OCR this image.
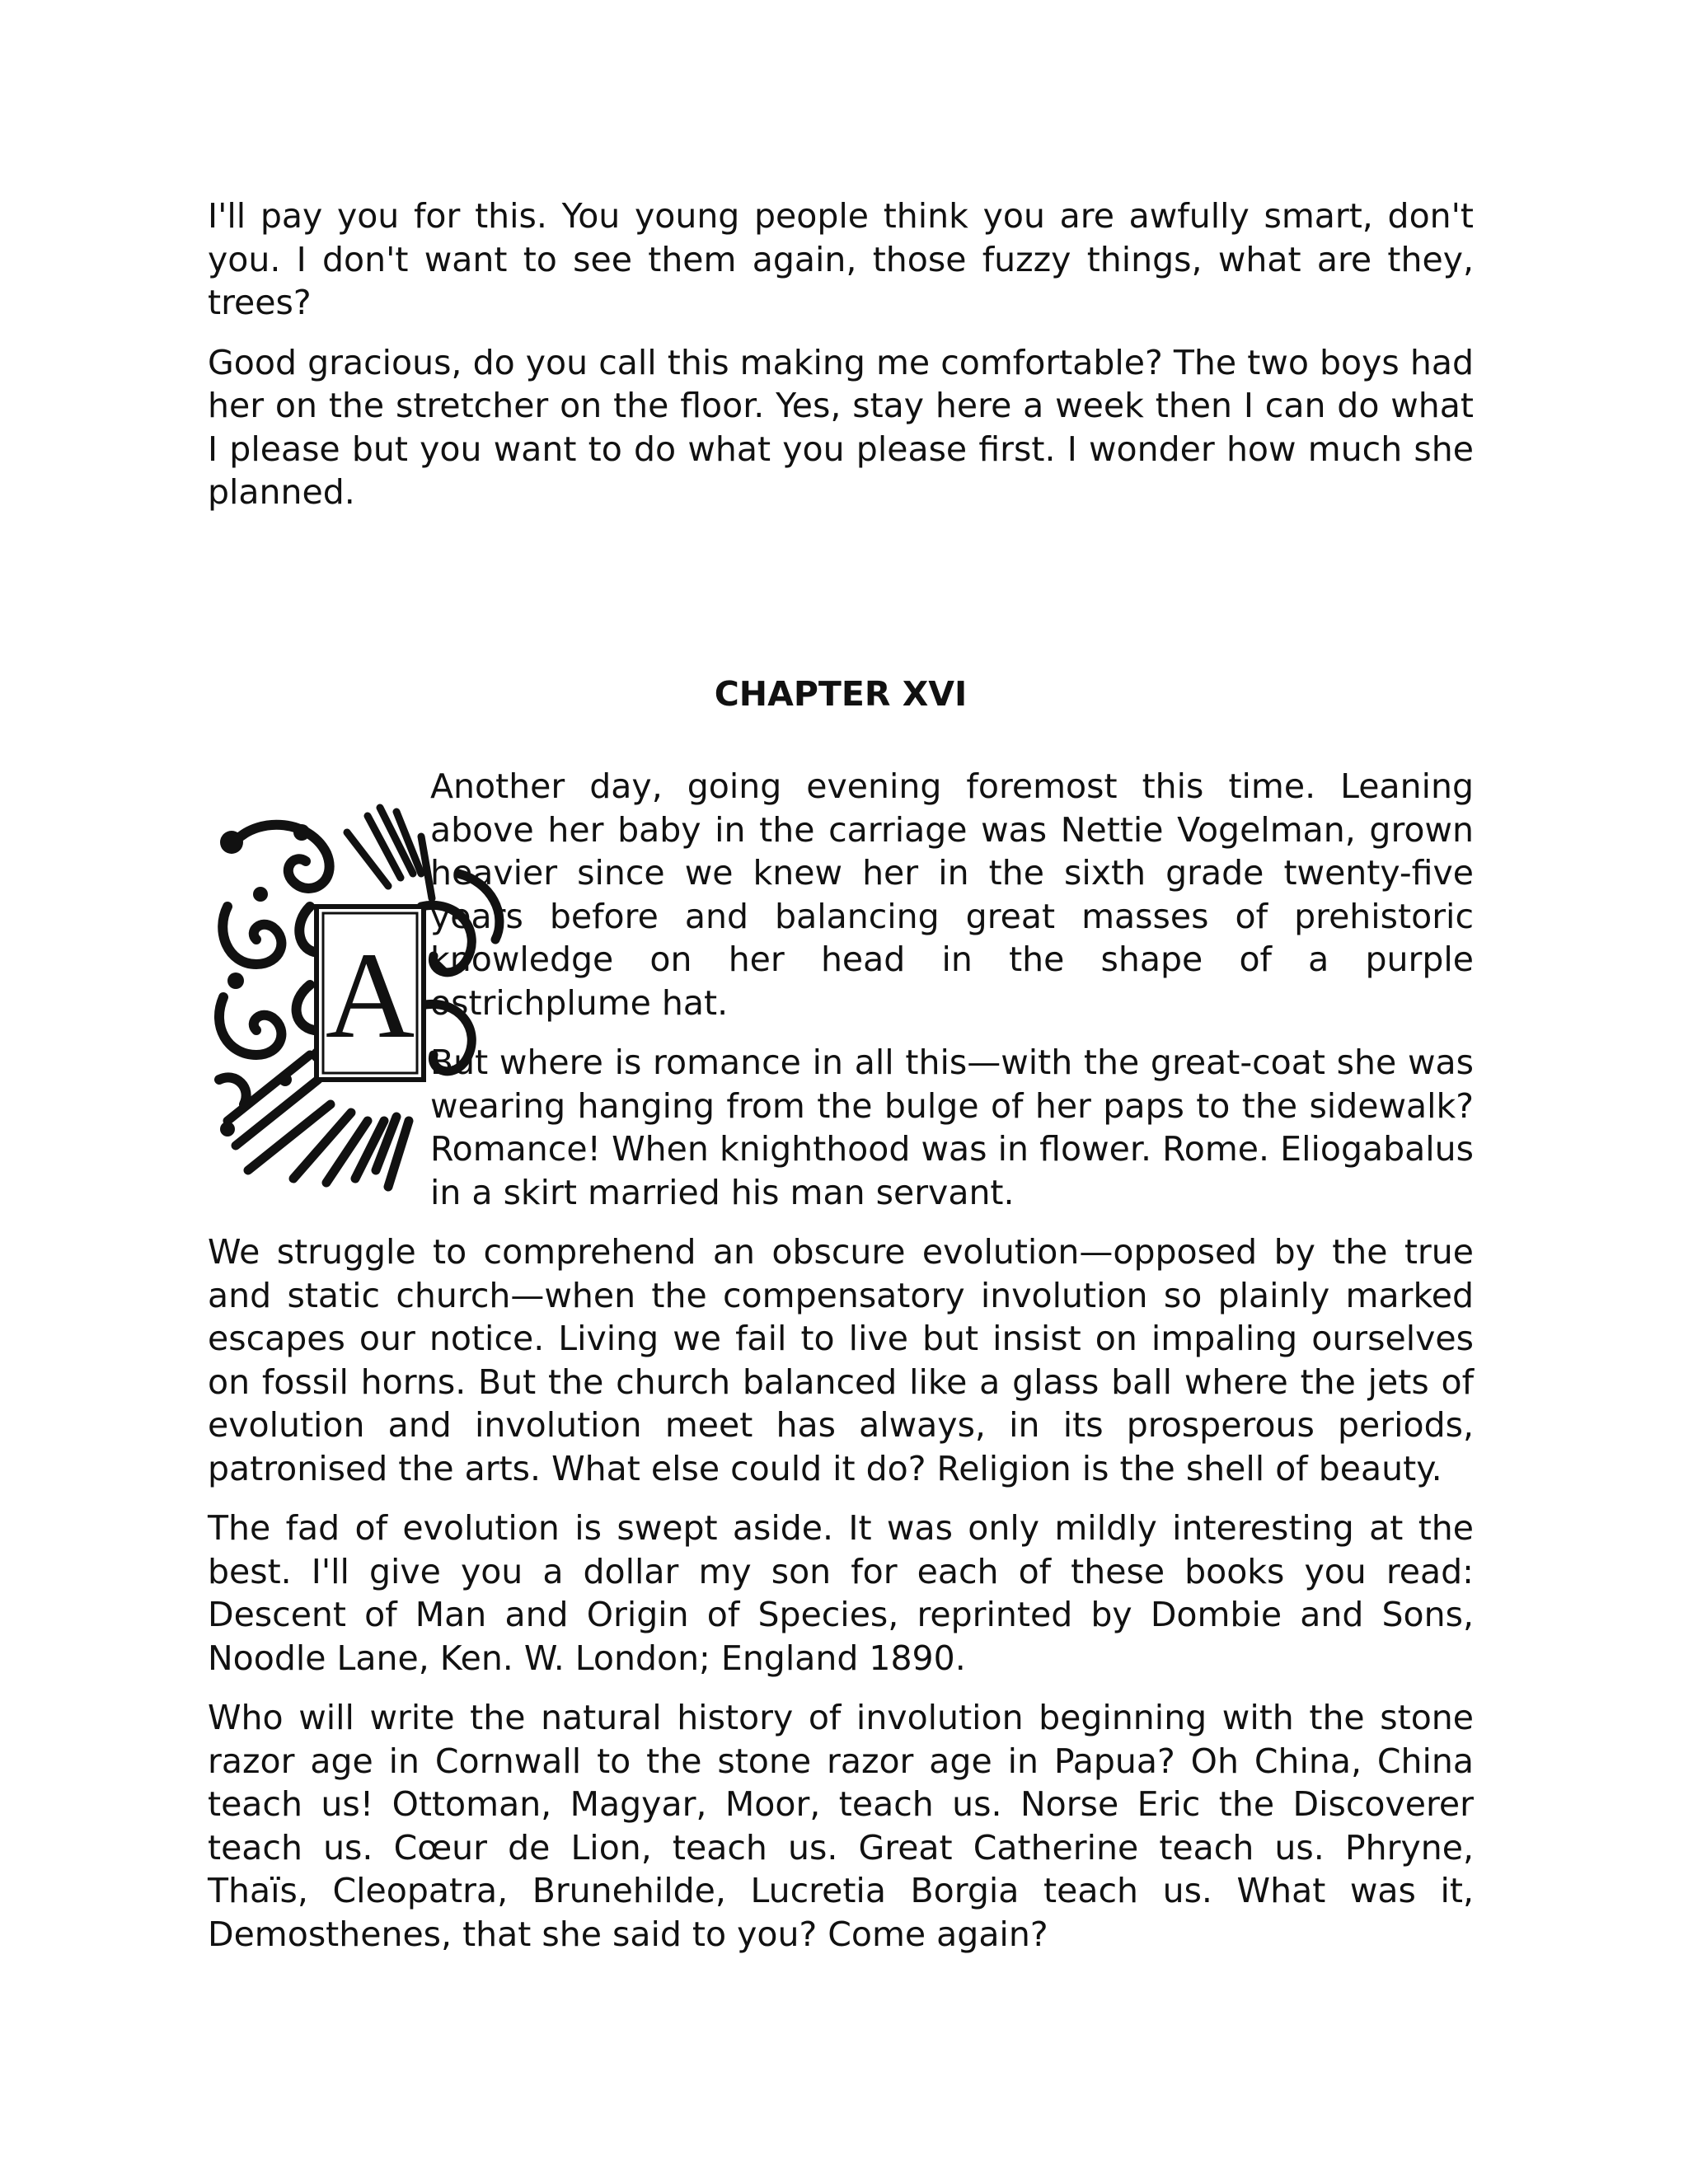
I'll pay you for this. You young people think you are awfully smart, don't you. I don't want to see them again, those fuzzy things, what are they, trees?

Good gracious, do you call this making me comfortable? The two boys had her on the stretcher on the floor. Yes, stay here a week then I can do what I please but you want to do what you please first. I wonder how much she planned.

CHAPTER XVI
A

Another day, going evening foremost this time. Leaning above her baby in the carriage was Nettie Vogelman, grown heavier since we knew her in the sixth grade twenty-five years before and balancing great masses of prehistoric knowledge on her head in the shape of a purple ostrichplume hat.

But where is romance in all this—with the great-coat she was wearing hanging from the bulge of her paps to the sidewalk? Romance! When knighthood was in flower. Rome. Eliogabalus in a skirt married his man servant.

We struggle to comprehend an obscure evolution—opposed by the true and static church—when the compensatory involution so plainly marked escapes our notice. Living we fail to live but insist on impaling ourselves on fossil horns. But the church balanced like a glass ball where the jets of evolution and involution meet has always, in its prosperous periods, patronised the arts. What else could it do? Religion is the shell of beauty.

The fad of evolution is swept aside. It was only mildly interesting at the best. I'll give you a dollar my son for each of these books you read: Descent of Man and Origin of Species, reprinted by Dombie and Sons, Noodle Lane, Ken. W. London; England 1890.

Who will write the natural history of involution beginning with the stone razor age in Cornwall to the stone razor age in Papua? Oh China, China teach us! Ottoman, Magyar, Moor, teach us. Norse Eric the Discoverer teach us. Cœur de Lion, teach us. Great Catherine teach us. Phryne, Thaïs, Cleopatra, Brunehilde, Lucretia Borgia teach us. What was it, Demosthenes, that she said to you? Come again?
